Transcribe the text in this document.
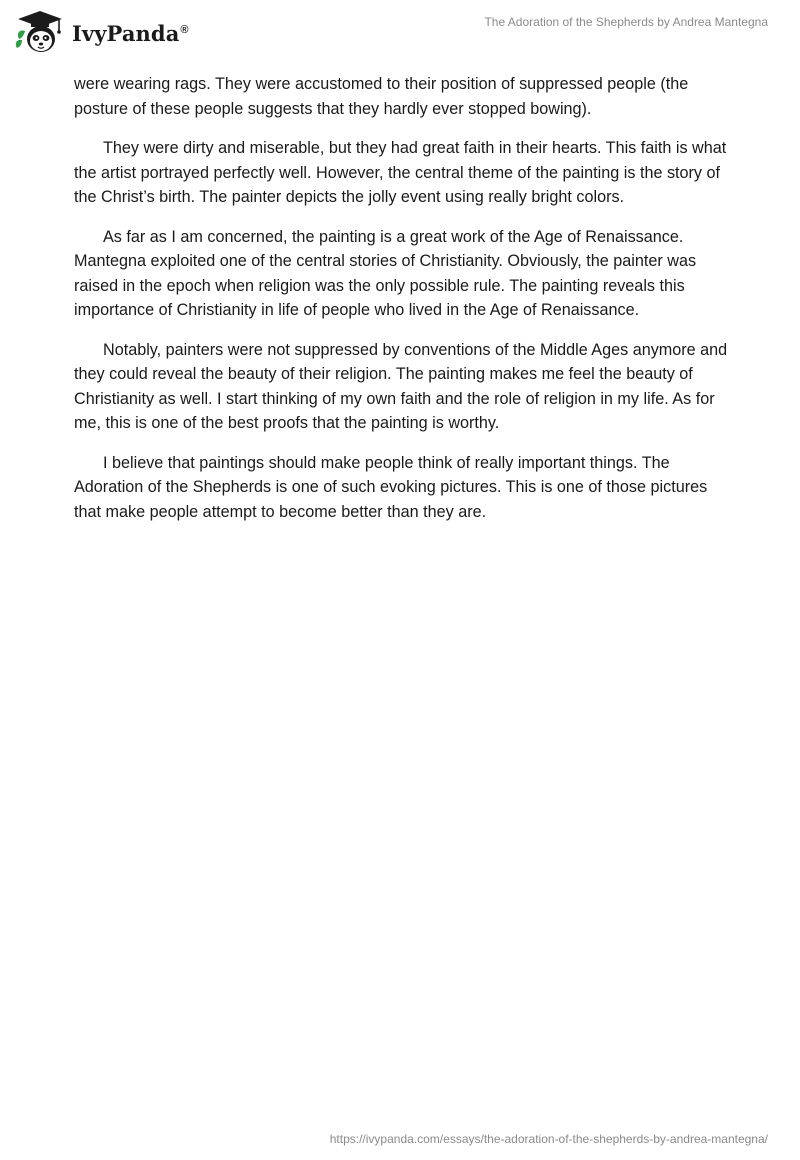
IvyPanda®
The Adoration of the Shepherds by Andrea Mantegna

were wearing rags. They were accustomed to their position of suppressed people (the posture of these people suggests that they hardly ever stopped bowing).

They were dirty and miserable, but they had great faith in their hearts. This faith is what the artist portrayed perfectly well. However, the central theme of the painting is the story of the Christ’s birth. The painter depicts the jolly event using really bright colors.

As far as I am concerned, the painting is a great work of the Age of Renaissance. Mantegna exploited one of the central stories of Christianity. Obviously, the painter was raised in the epoch when religion was the only possible rule. The painting reveals this importance of Christianity in life of people who lived in the Age of Renaissance.

Notably, painters were not suppressed by conventions of the Middle Ages anymore and they could reveal the beauty of their religion. The painting makes me feel the beauty of Christianity as well. I start thinking of my own faith and the role of religion in my life. As for me, this is one of the best proofs that the painting is worthy.

I believe that paintings should make people think of really important things. The Adoration of the Shepherds is one of such evoking pictures. This is one of those pictures that make people attempt to become better than they are.

https://ivypanda.com/essays/the-adoration-of-the-shepherds-by-andrea-mantegna/
